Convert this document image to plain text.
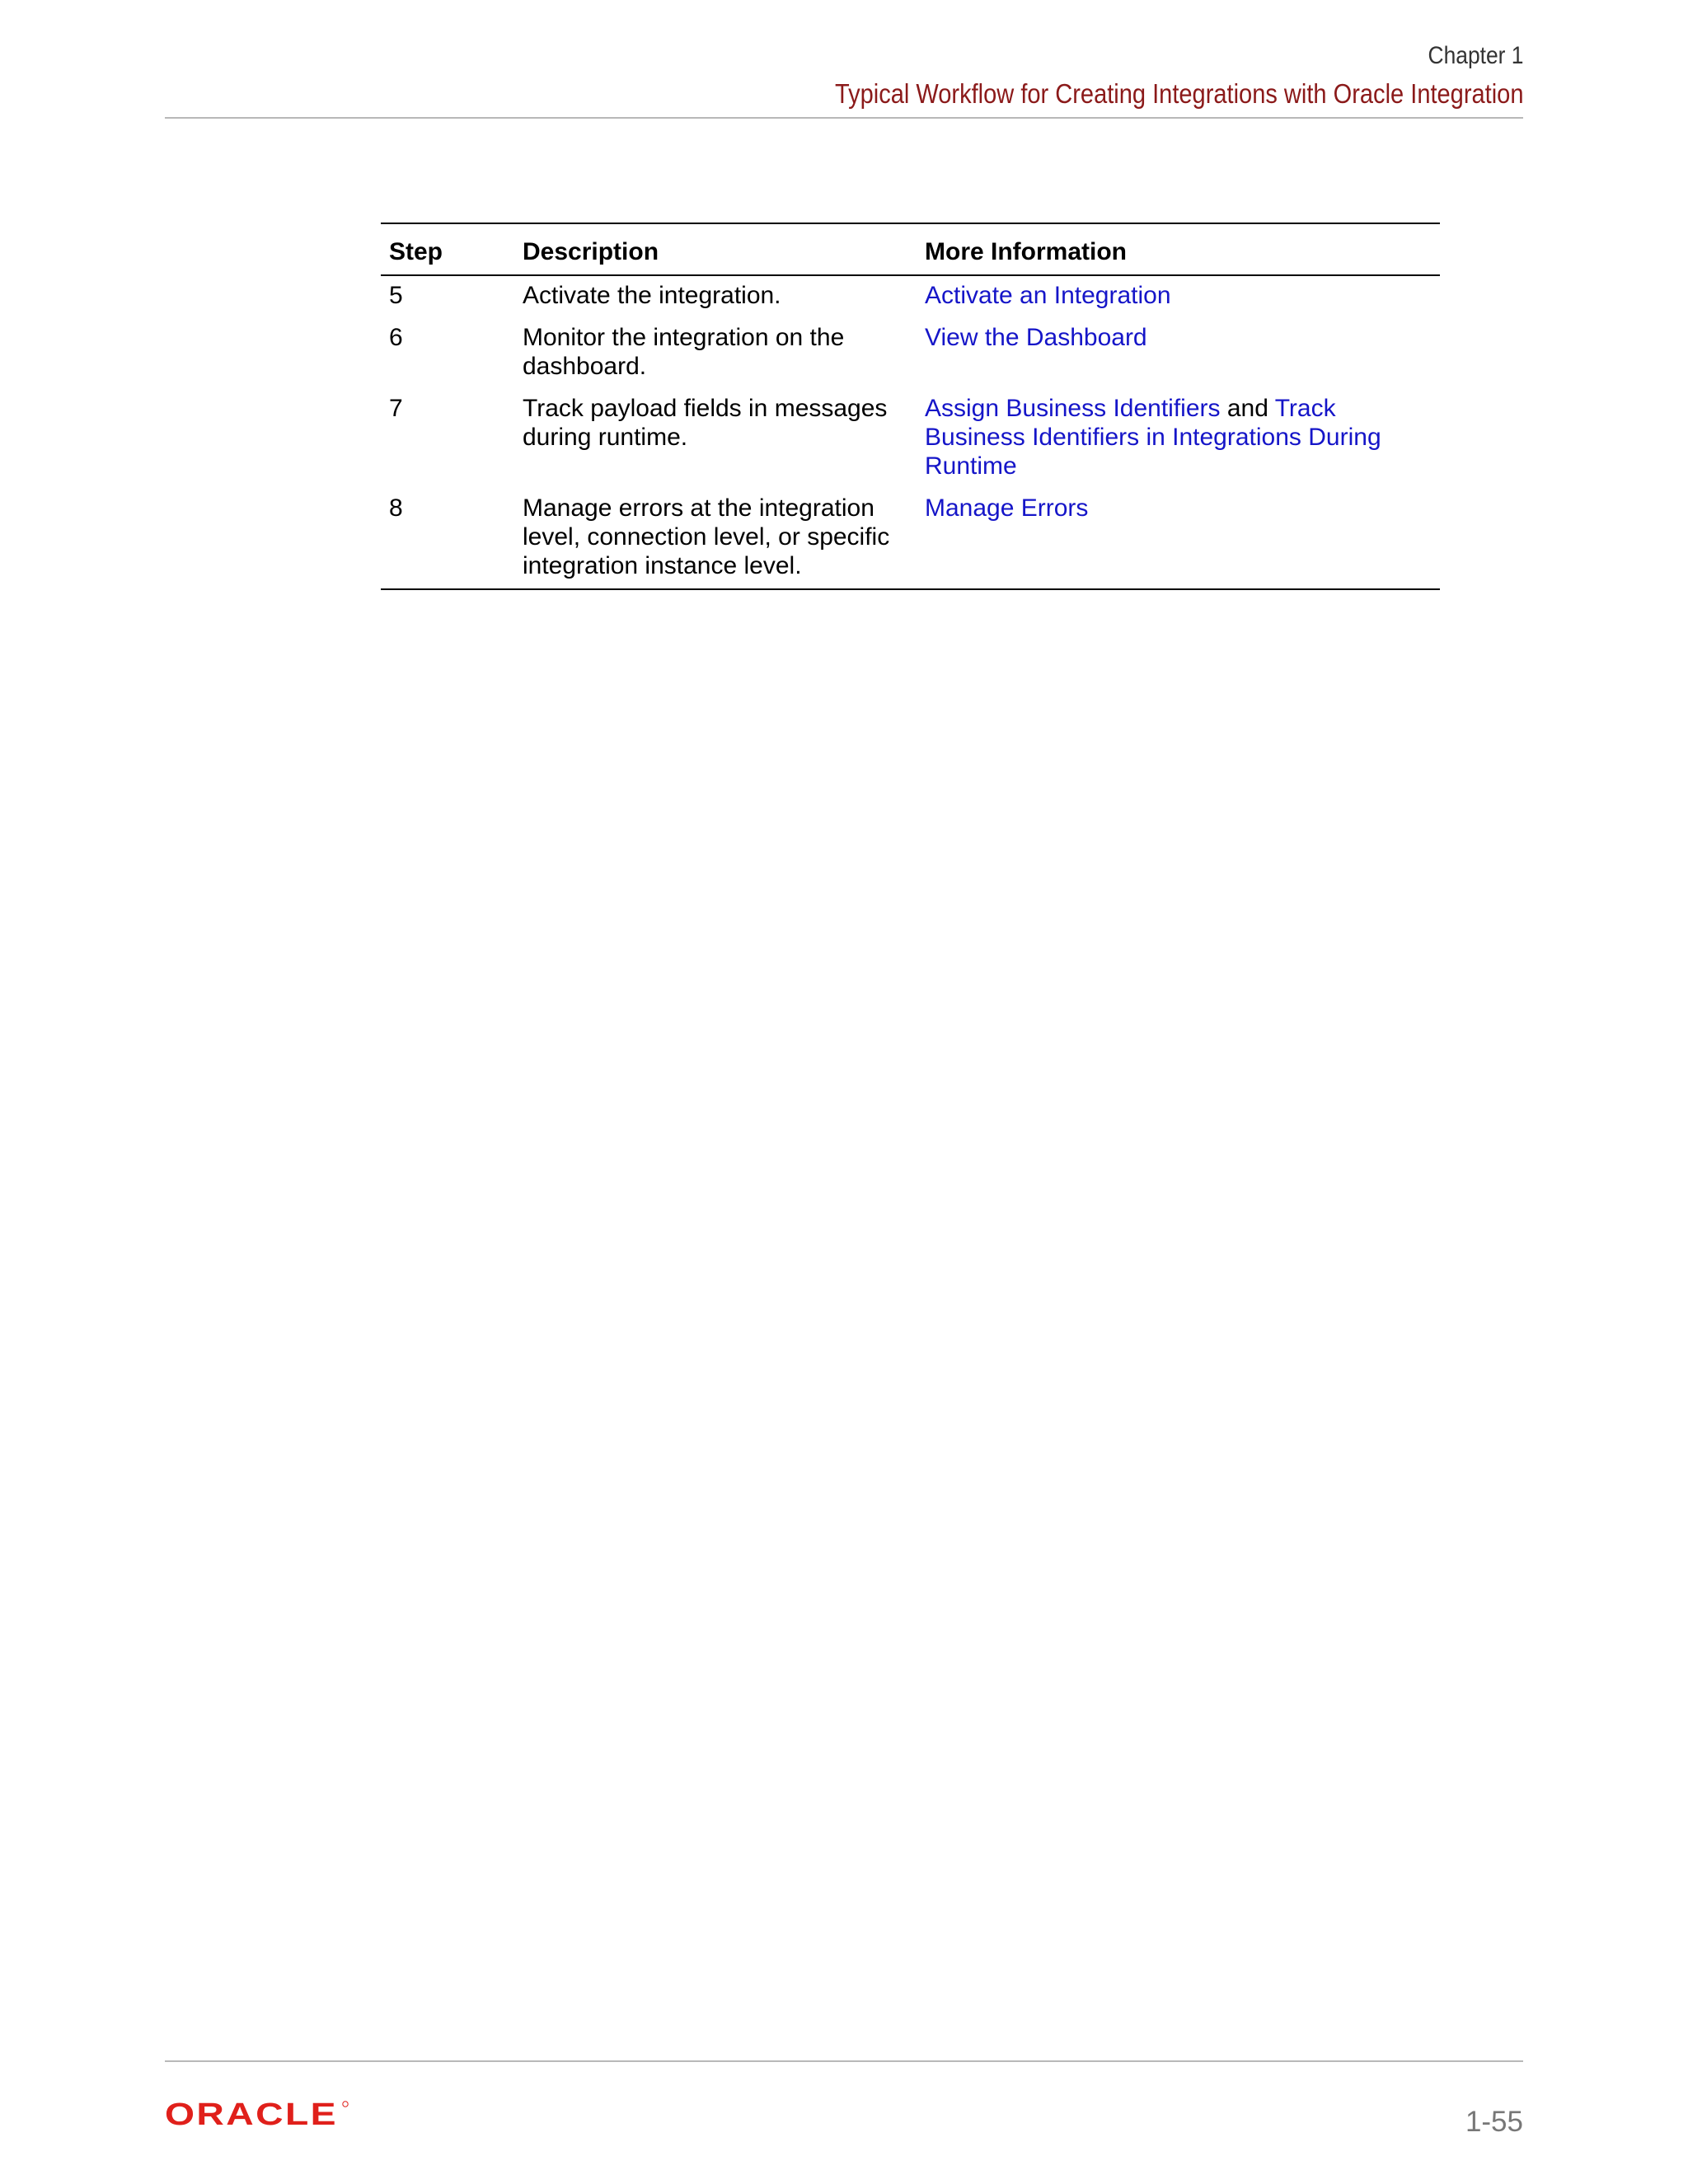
Chapter 1
Typical Workflow for Creating Integrations with Oracle Integration
Step	Description	More Information
5	Activate the integration.	Activate an Integration
6	Monitor the integration on the dashboard.	View the Dashboard
7	Track payload fields in messages during runtime.	Assign Business Identifiers and Track Business Identifiers in Integrations During Runtime
8	Manage errors at the integration level, connection level, or specific integration instance level.	Manage Errors
ORACLE	1-55
